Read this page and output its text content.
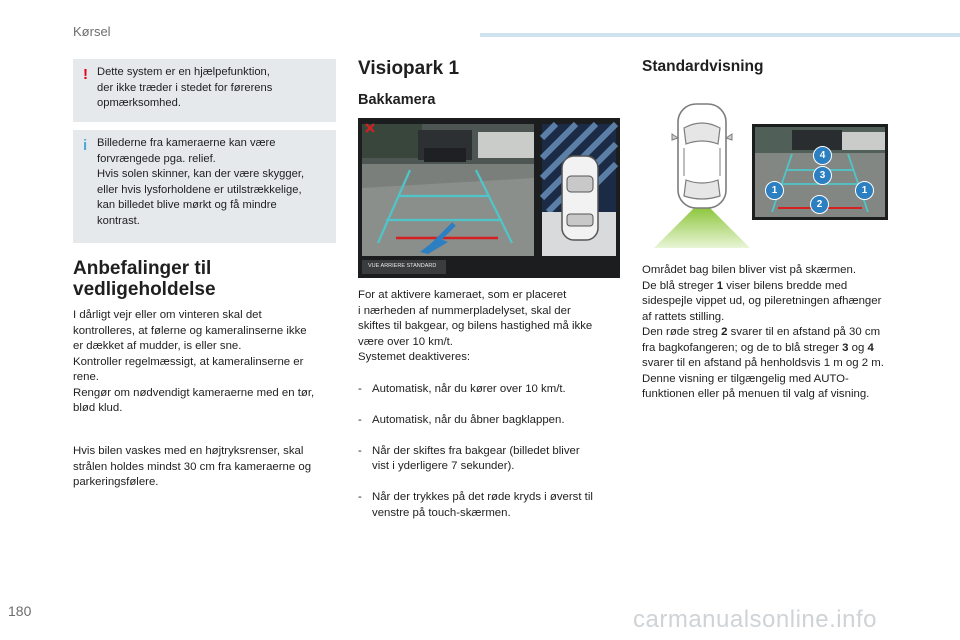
Kørsel
! Dette system er en hjælpefunktion,
der ikke træder i stedet for førerens
opmærksomhed.
i Billederne fra kameraerne kan være
forvrængede pga. relief.
Hvis solen skinner, kan der være skygger,
eller hvis lysforholdene er utilstrækkelige,
kan billedet blive mørkt og få mindre
kontrast.
Anbefalinger til
vedligeholdelse
I dårligt vejr eller om vinteren skal det
kontrolleres, at følerne og kameralinserne ikke
er dækket af mudder, is eller sne.
Kontroller regelmæssigt, at kameralinserne er
rene.
Rengør om nødvendigt kameraerne med en tør,
blød klud.
Hvis bilen vaskes med en højtryksrenser, skal
strålen holdes mindst 30 cm fra kameraerne og
parkeringsfølere.
Visiopark 1
Bakkamera
VUE ARRIERE STANDARD
For at aktivere kameraet, som er placeret
i nærheden af nummerpladelyset, skal der
skiftes til bakgear, og bilens hastighed må ikke
være over 10 km/t.
Systemet deaktiveres:

- Automatisk, når du kører over 10 km/t.

- Automatisk, når du åbner bagklappen.

- Når der skiftes fra bakgear (billedet bliver
vist i yderligere 7 sekunder).

- Når der trykkes på det røde kryds i øverst til
venstre på touch-skærmen.

Standardvisning
4
3
1	1
2
Området bag bilen bliver vist på skærmen.
De blå streger 1 viser bilens bredde med
sidespejle vippet ud, og pileretningen afhænger
af rattets stilling.
Den røde streg 2 svarer til en afstand på 30 cm
fra bagkofangeren; og de to blå streger 3 og 4
svarer til en afstand på henholdsvis 1 m og 2 m.
Denne visning er tilgængelig med AUTO-
funktionen eller på menuen til valg af visning.
180	carmanualsonline.info
